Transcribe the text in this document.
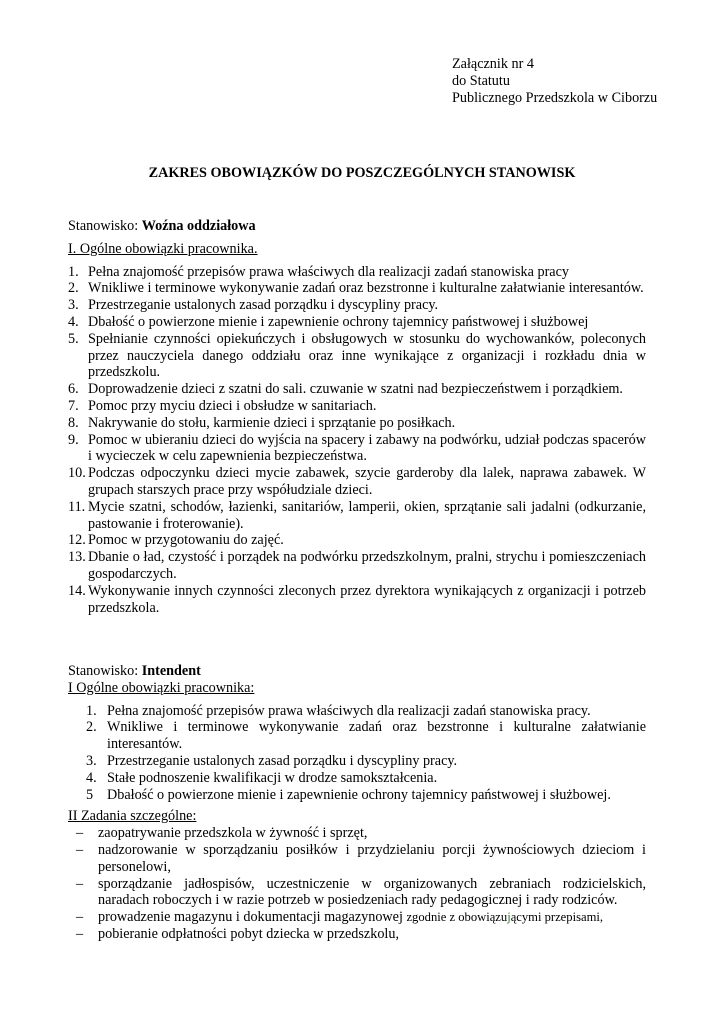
Załącznik nr 4
do Statutu
Publicznego Przedszkola w Ciborzu
ZAKRES OBOWIĄZKÓW DO POSZCZEGÓLNYCH STANOWISK
Stanowisko: Woźna oddziałowa
I. Ogólne obowiązki pracownika.
1. Pełna znajomość przepisów prawa właściwych dla realizacji zadań stanowiska pracy
2. Wnikliwe i terminowe wykonywanie zadań oraz bezstronne i kulturalne załatwianie interesantów.
3. Przestrzeganie ustalonych zasad porządku i dyscypliny pracy.
4. Dbałość o powierzone mienie i zapewnienie ochrony tajemnicy państwowej i służbowej
5. Spełnianie czynności opiekuńczych i obsługowych w stosunku do wychowanków, poleconych przez nauczyciela danego oddziału oraz inne wynikające z organizacji i rozkładu dnia w przedszkolu.
6. Doprowadzenie dzieci z szatni do sali. czuwanie w szatni nad bezpieczeństwem i porządkiem.
7. Pomoc przy myciu dzieci i obsłudze w sanitariach.
8. Nakrywanie do stołu, karmienie dzieci i sprzątanie po posiłkach.
9. Pomoc w ubieraniu dzieci do wyjścia na spacery i zabawy na podwórku, udział podczas spacerów i wycieczek w celu zapewnienia bezpieczeństwa.
10. Podczas odpoczynku dzieci mycie zabawek, szycie garderoby dla lalek, naprawa zabawek. W grupach starszych prace przy współudziale dzieci.
11. Mycie szatni, schodów, łazienki, sanitariów, lamperii, okien, sprzątanie sali jadalni (odkurzanie, pastowanie i froterowanie).
12. Pomoc w przygotowaniu do zajęć.
13. Dbanie o ład, czystość i porządek na podwórku przedszkolnym, pralni, strychu i pomieszczeniach gospodarczych.
14. Wykonywanie innych czynności zleconych przez dyrektora wynikających z organizacji i potrzeb przedszkola.
Stanowisko: Intendent
I Ogólne obowiązki pracownika:
1. Pełna znajomość przepisów prawa właściwych dla realizacji zadań stanowiska pracy.
2. Wnikliwe i terminowe wykonywanie zadań oraz bezstronne i kulturalne załatwianie interesantów.
3. Przestrzeganie ustalonych zasad porządku i dyscypliny pracy.
4. Stałe podnoszenie kwalifikacji w drodze samokształcenia.
5 Dbałość o powierzone mienie i zapewnienie ochrony tajemnicy państwowej i służbowej.
II Zadania szczególne:
– zaopatrywanie przedszkola w żywność i sprzęt,
– nadzorowanie w sporządzaniu posiłków i przydzielaniu porcji żywnościowych dzieciom i personelowi,
– sporządzanie jadłospisów, uczestniczenie w organizowanych zebraniach rodzicielskich, naradach roboczych i w razie potrzeb w posiedzeniach rady pedagogicznej i rady rodziców.
– prowadzenie magazynu i dokumentacji magazynowej zgodnie z obowiązującymi przepisami,
– pobieranie odpłatności pobyt dziecka w przedszkolu,
